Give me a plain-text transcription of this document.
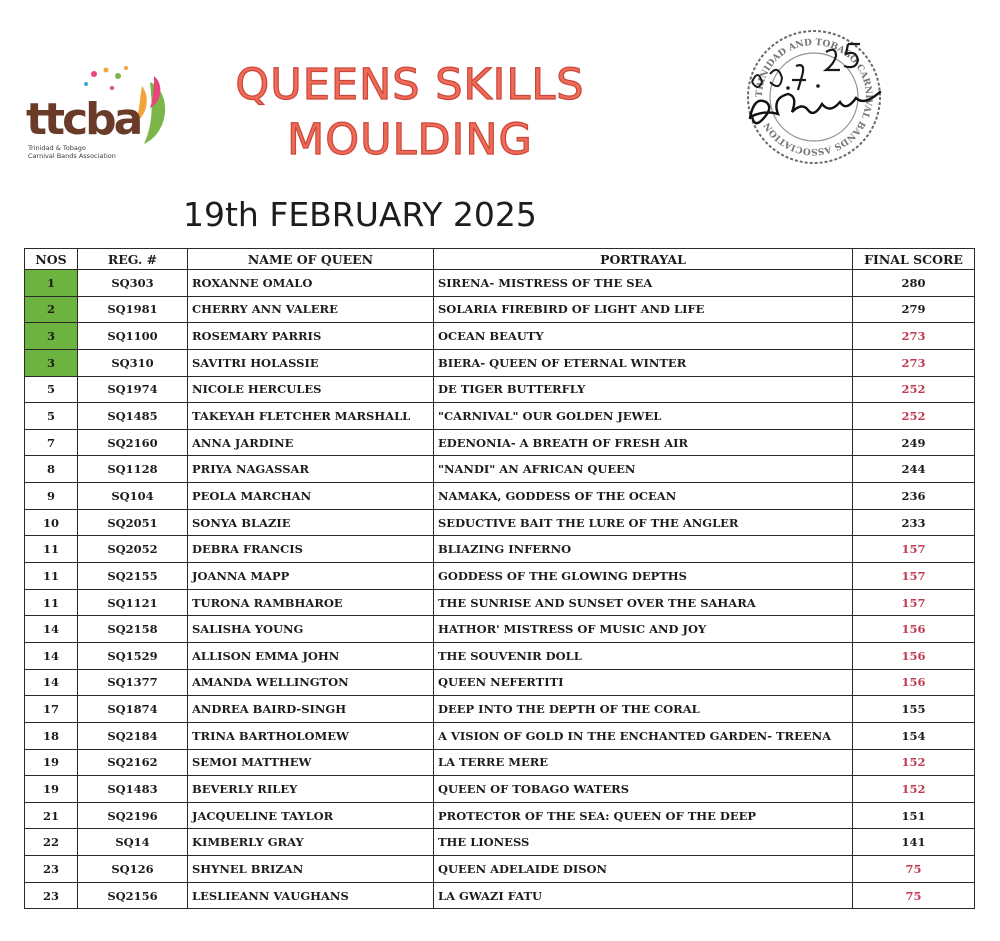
ttcba
Trinidad & Tobago
Carnival Bands Association
TRINIDAD AND TOBAGO CARNIVAL BANDS ASSOCIATION
QUEENS SKILLS
MOULDING
19th FEBRUARY 2025
NOS	REG. #	NAME OF QUEEN	PORTRAYAL	FINAL SCORE
1	SQ303	ROXANNE OMALO	SIRENA- MISTRESS OF THE SEA	280
2	SQ1981	CHERRY ANN VALERE	SOLARIA FIREBIRD OF LIGHT AND LIFE	279
3	SQ1100	ROSEMARY PARRIS	OCEAN BEAUTY	273
3	SQ310	SAVITRI HOLASSIE	BIERA- QUEEN OF ETERNAL WINTER	273
5	SQ1974	NICOLE HERCULES	DE TIGER BUTTERFLY	252
5	SQ1485	TAKEYAH FLETCHER MARSHALL	"CARNIVAL" OUR GOLDEN JEWEL	252
7	SQ2160	ANNA JARDINE	EDENONIA- A BREATH OF FRESH AIR	249
8	SQ1128	PRIYA NAGASSAR	"NANDI" AN AFRICAN QUEEN	244
9	SQ104	PEOLA MARCHAN	NAMAKA, GODDESS OF THE OCEAN	236
10	SQ2051	SONYA BLAZIE	SEDUCTIVE BAIT THE LURE OF THE ANGLER	233
11	SQ2052	DEBRA FRANCIS	BLIAZING INFERNO	157
11	SQ2155	JOANNA MAPP	GODDESS OF THE GLOWING DEPTHS	157
11	SQ1121	TURONA RAMBHAROE	THE SUNRISE AND SUNSET OVER THE SAHARA	157
14	SQ2158	SALISHA YOUNG	HATHOR' MISTRESS OF MUSIC AND JOY	156
14	SQ1529	ALLISON EMMA JOHN	THE SOUVENIR DOLL	156
14	SQ1377	AMANDA WELLINGTON	QUEEN NEFERTITI	156
17	SQ1874	ANDREA BAIRD-SINGH	DEEP INTO THE DEPTH OF THE CORAL	155
18	SQ2184	TRINA BARTHOLOMEW	A VISION OF GOLD IN THE ENCHANTED GARDEN- TREENA	154
19	SQ2162	SEMOI MATTHEW	LA TERRE MERE	152
19	SQ1483	BEVERLY RILEY	QUEEN OF TOBAGO WATERS	152
21	SQ2196	JACQUELINE TAYLOR	PROTECTOR OF THE SEA: QUEEN OF THE DEEP	151
22	SQ14	KIMBERLY GRAY	THE LIONESS	141
23	SQ126	SHYNEL BRIZAN	QUEEN ADELAIDE DISON	75
23	SQ2156	LESLIEANN VAUGHANS	LA GWAZI FATU	75
